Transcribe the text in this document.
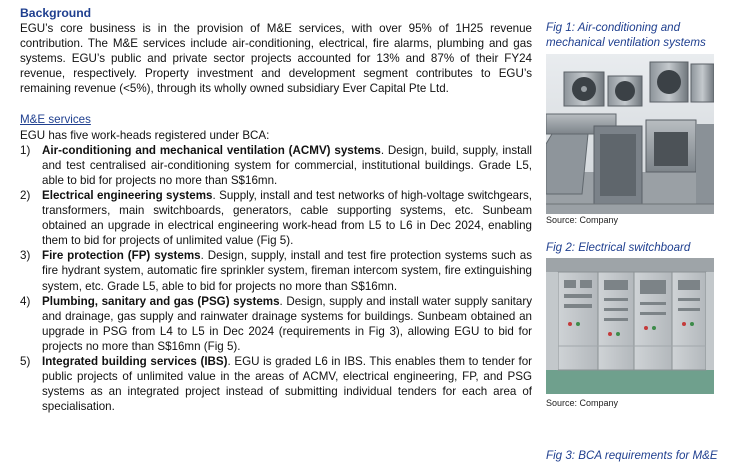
Background

EGU’s core business is in the provision of M&E services, with over 95% of 1H25 revenue contribution. The M&E services include air-conditioning, electrical, fire alarms, plumbing and gas systems. EGU’s public and private sector projects accounted for 13% and 87% of their FY24 revenue, respectively. Property investment and development segment contributes to EGU’s remaining revenue (<5%), through its wholly owned subsidiary Ever Capital Pte Ltd.

M&E services
EGU has five work-heads registered under BCA:
1) Air-conditioning and mechanical ventilation (ACMV) systems. Design, build, supply, install and test centralised air-conditioning system for commercial, institutional buildings. Grade L5, able to bid for projects no more than S$16mn.
2) Electrical engineering systems. Supply, install and test networks of high-voltage switchgears, transformers, main switchboards, generators, cable supporting systems, etc. Sunbeam obtained an upgrade in electrical engineering work-head from L5 to L6 in Dec 2024, enabling them to bid for projects of unlimited value (Fig 5).
3) Fire protection (FP) systems. Design, supply, install and test fire protection systems such as fire hydrant system, automatic fire sprinkler system, fireman intercom system, fire extinguishing system, etc. Grade L5, able to bid for projects no more than S$16mn.
4) Plumbing, sanitary and gas (PSG) systems. Design, supply and install water supply sanitary and drainage, gas supply and rainwater drainage systems for buildings. Sunbeam obtained an upgrade in PSG from L4 to L5 in Dec 2024 (requirements in Fig 3), allowing EGU to bid for projects no more than S$16mn (Fig 5).
5) Integrated building services (IBS). EGU is graded L6 in IBS. This enables them to tender for public projects of unlimited value in the areas of ACMV, electrical engineering, FP, and PSG systems as an integrated project instead of submitting individual tenders for each area of specialisation.
Fig 1: Air-conditioning and mechanical ventilation systems
Source: Company
Fig 2: Electrical switchboard
Source: Company
Fig 3: BCA requirements for M&E
